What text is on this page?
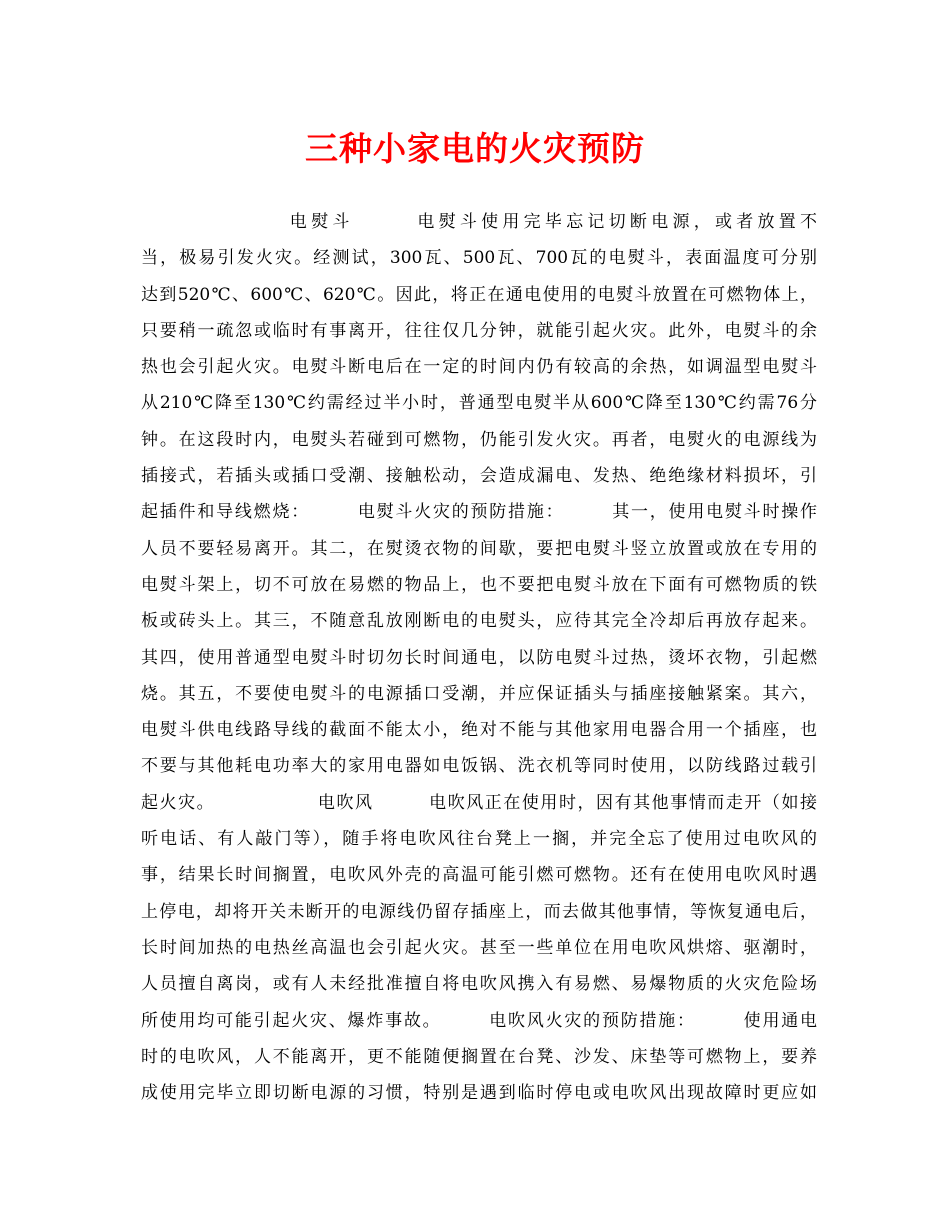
三种小家电的火灾预防
　　　　　　　电熨斗　　　电熨斗使用完毕忘记切断电源，或者放置不
当，极易引发火灾。经测试，300瓦、500瓦、700瓦的电熨斗，表面温度可分别
达到520℃、600℃、620℃。因此，将正在通电使用的电熨斗放置在可燃物体上，
只要稍一疏忽或临时有事离开，往往仅几分钟，就能引起火灾。此外，电熨斗的余
热也会引起火灾。电熨斗断电后在一定的时间内仍有较高的余热，如调温型电熨斗
从210℃降至130℃约需经过半小时，普通型电熨半从600℃降至130℃约需76分
钟。在这段时内，电熨头若碰到可燃物，仍能引发火灾。再者，电熨火的电源线为
插接式，若插头或插口受潮、接触松动，会造成漏电、发热、绝绝缘材料损坏，引
起插件和导线燃烧：　　　电熨斗火灾的预防措施：　　　其一，使用电熨斗时操作
人员不要轻易离开。其二，在熨烫衣物的间歇，要把电熨斗竖立放置或放在专用的
电熨斗架上，切不可放在易燃的物品上，也不要把电熨斗放在下面有可燃物质的铁
板或砖头上。其三，不随意乱放刚断电的电熨头，应待其完全冷却后再放存起来。
其四，使用普通型电熨斗时切勿长时间通电，以防电熨斗过热，烫坏衣物，引起燃
烧。其五，不要使电熨斗的电源插口受潮，并应保证插头与插座接触紧案。其六，
电熨斗供电线路导线的截面不能太小，绝对不能与其他家用电器合用一个插座，也
不要与其他耗电功率大的家用电器如电饭锅、洗衣机等同时使用，以防线路过载引
起火灾。　　　　　　电吹风　　　电吹风正在使用时，因有其他事情而走开（如接
听电话、有人敲门等），随手将电吹风往台凳上一搁，并完全忘了使用过电吹风的
事，结果长时间搁置，电吹风外壳的高温可能引燃可燃物。还有在使用电吹风时遇
上停电，却将开关未断开的电源线仍留存插座上，而去做其他事情，等恢复通电后，
长时间加热的电热丝高温也会引起火灾。甚至一些单位在用电吹风烘熔、驱潮时，
人员擅自离岗，或有人未经批准擅自将电吹风携入有易燃、易爆物质的火灾危险场
所使用均可能引起火灾、爆炸事故。　　　电吹风火灾的预防措施：　　　使用通电
时的电吹风，人不能离开，更不能随便搁置在台凳、沙发、床垫等可燃物上，要养
成使用完毕立即切断电源的习惯，特别是遇到临时停电或电吹风出现故障时更应如
